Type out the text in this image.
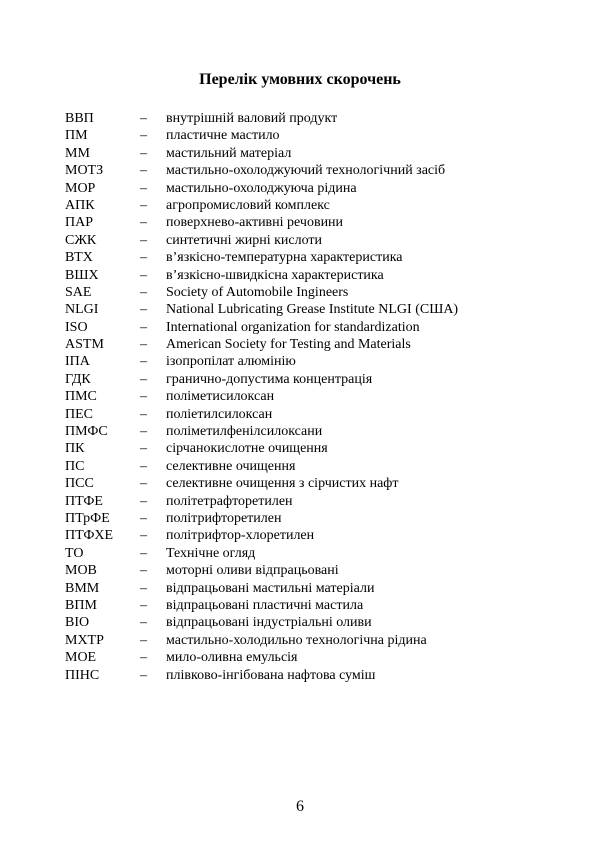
Перелік умовних скорочень
ВВП	– внутрішній валовий продукт
ПМ	– пластичне мастило
ММ	– мастильний матеріал
МОТЗ	– мастильно-охолоджуючий технологічний засіб
МОР	– мастильно-охолоджуюча рідина
АПК	– агропромисловий комплекс
ПАР	– поверхнево-активні речовини
СЖК	– синтетичні жирні кислоти
ВТХ	– в’язкісно-температурна характеристика
ВШХ	– в’язкісно-швидкісна характеристика
SAE	– Society of Automobile Ingineers
NLGI	– National Lubricating Grease Institute NLGI (США)
ISO	– International organization for standardization
ASTM	– American Society for Testing and Materials
ІПА	– ізопропілат алюмінію
ГДК	– гранично-допустима концентрація
ПМС	– поліметисилоксан
ПЕС	– поліетилсилоксан
ПМФС – поліметилфенілсилоксани
ПК	– сірчанокислотне очищення
ПС	– селективне очищення
ПСС	– селективне очищення з сірчистих нафт
ПТФЕ	– політетрафторетилен
ПТрФЕ – політрифторетилен
ПТФХЕ – політрифтор-хлоретилен
ТО	– Технічне огляд
МОВ	– моторні оливи відпрацьовані
ВММ	– відпрацьовані мастильні матеріали
ВПМ	– відпрацьовані пластичні мастила
ВІО	– відпрацьовані індустріальні оливи
МХТР	– мастильно-холодильно технологічна рідина
МОЕ	– мило-оливна емульсія
ПІНС	– плівково-інгібована нафтова суміш
6
